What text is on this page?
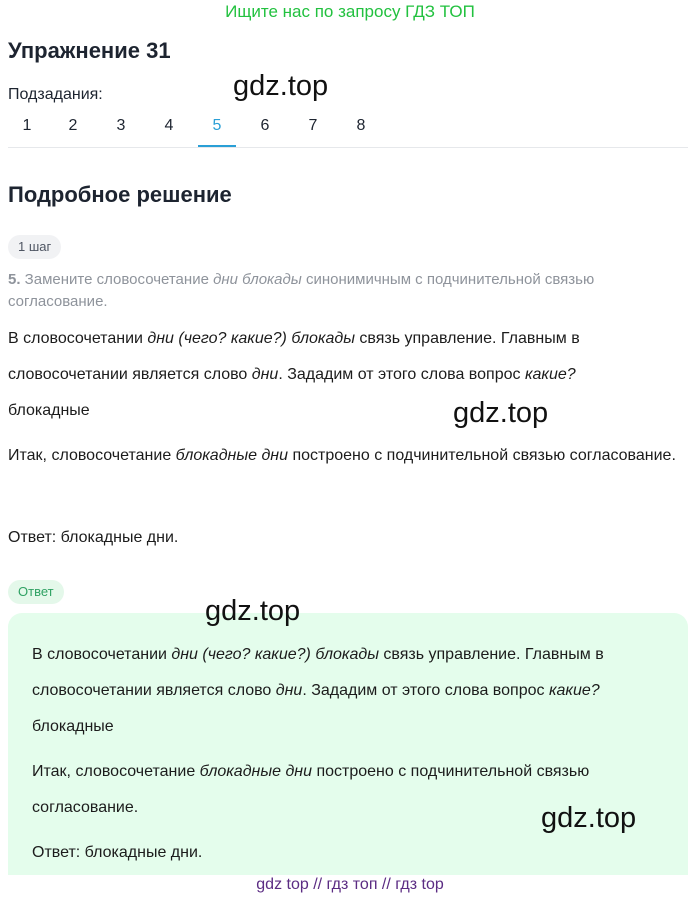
Ищите нас по запросу ГДЗ ТОП
Упражнение 31
Подзадания:
1	2	3	4	5	6	7	8
gdz.top
Подробное решение
1 шаг
5. Замените словосочетание дни блокады синонимичным с подчинительной связью согласование.

В словосочетании дни (чего? какие?) блокады связь управление. Главным в словосочетании является слово дни. Зададим от этого слова вопрос какие?
блокадные	gdz.top

Итак, словосочетание блокадные дни построено с подчинительной связью согласование.

Ответ: блокадные дни.

Ответ

В словосочетании дни (чего? какие?) блокады связь управление. Главным в словосочетании является слово дни. Зададим от этого слова вопрос какие? блокадные

Итак, словосочетание блокадные дни построено с подчинительной связью согласование.

Ответ: блокадные дни.

gdz.top
gdz.top
gdz top // гдз топ // гдз top
